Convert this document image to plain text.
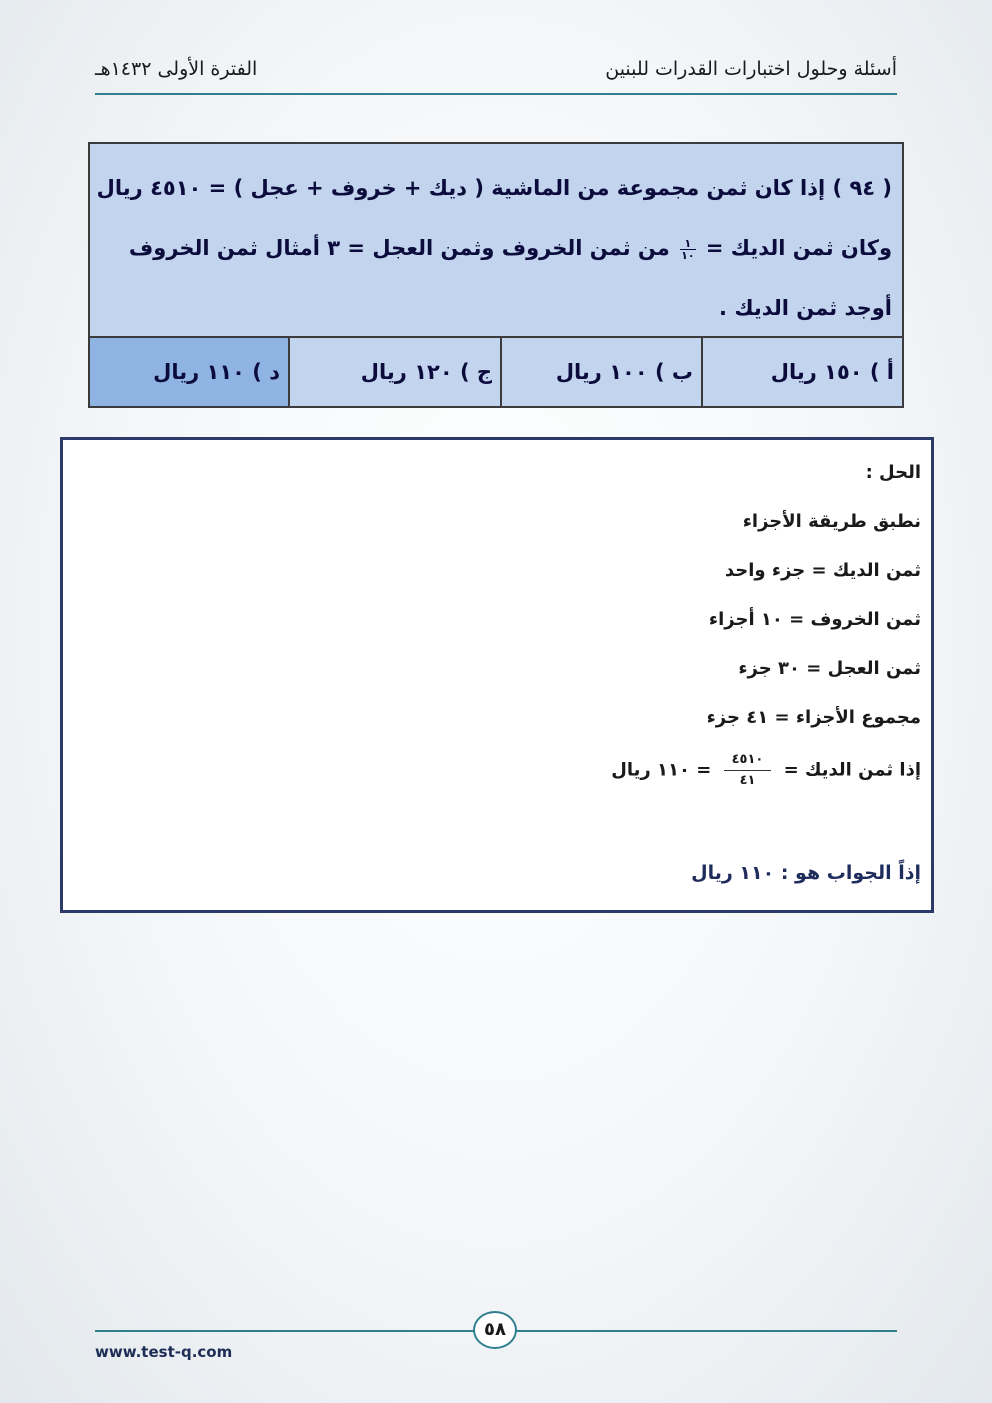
أسئلة وحلول اختبارات القدرات للبنين
الفترة الأولى ١٤٣٢هـ
( ٩٤ ) إذا كان ثمن مجموعة من الماشية ( ديك + خروف + عجل ) = ٤٥١٠ ريال
وكان ثمن الديك =
$\frac{١}{١٠}$
من ثمن الخروف وثمن العجل = ٣ أمثال ثمن الخروف
أوجد ثمن الديك .
أ ) ١٥٠ ريال
ب ) ١٠٠ ريال
ج ) ١٢٠ ريال
د ) ١١٠ ريال
الحل :
نطبق طريقة الأجزاء
ثمن الديك = جزء واحد
ثمن الخروف = ١٠ أجزاء
ثمن العجل = ٣٠ جزء
مجموع الأجزاء = ٤١ جزء
إذا ثمن الديك =
$\frac{٤٥١٠}{٤١}$
= ١١٠ ريال
إذاً الجواب هو : ١١٠ ريال
٥٨
www.test-q.com
